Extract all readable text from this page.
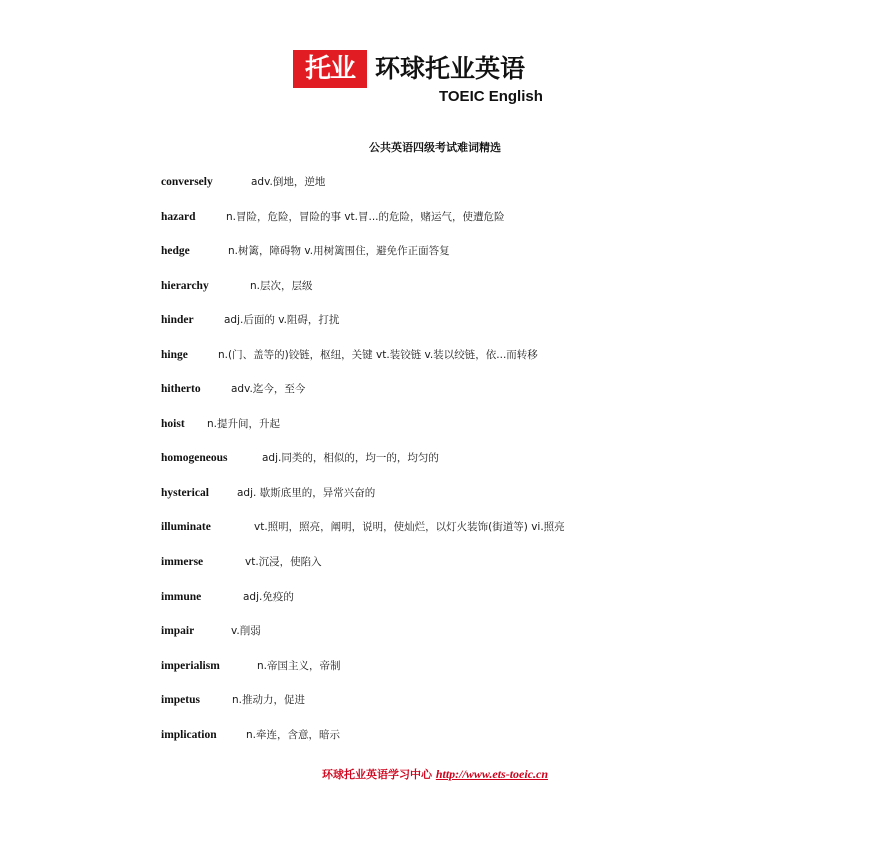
托业 环球托业英语
TOEIC English
公共英语四级考试难词精选
conversely	adv.倒地，逆地
hazard	n.冒险，危险，冒险的事 vt.冒...的危险，赌运气，使遭危险
hedge	n.树篱，障碍物 v.用树篱围住，避免作正面答复
hierarchy	n.层次，层级
hinder	adj.后面的 v.阻碍，打扰
hinge	n.(门、盖等的)铰链，枢纽，关键 vt.装铰链 v.装以绞链，依...而转移
hitherto	adv.迄今，至今
hoist n.提升间，升起
homogeneous	adj.同类的，相似的，均一的，均匀的
hysterical	adj. 歇斯底里的，异常兴奋的
illuminate	vt.照明，照亮，阐明，说明，使灿烂，以灯火装饰(街道等) vi.照亮
immerse	vt.沉浸，使陷入
immune	adj.免疫的
impair	v.削弱
imperialism	n.帝国主义，帝制
impetus	n.推动力，促进
implication	n.牵连，含意，暗示
环球托业英语学习中心 http://www.ets-toeic.cn
